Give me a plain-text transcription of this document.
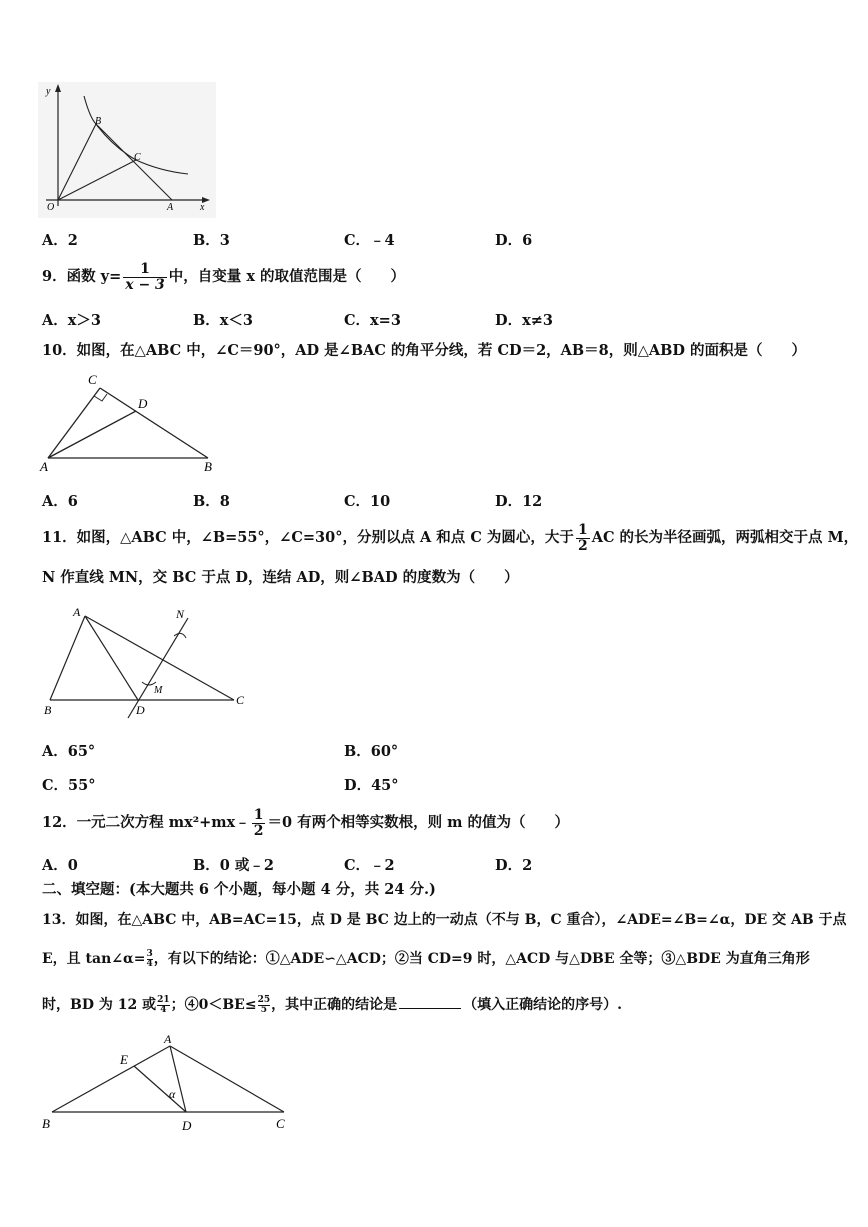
y
x
O	A
B
C
A．2	B．3	C．﹣4	D．6
9．函数 $y= \frac{1}{x - 3}$ 中，自变量 x 的取值范围是（　　）
A．x＞3	B．x＜3	C．x=3	D．x≠3
10．如图，在△ABC 中，∠C＝90°，AD 是∠BAC 的角平分线，若 CD＝2，AB＝8，则△ABD 的面积是（　　）
C
D
A	B
A．6	B．8	C．10	D．12
11．如图，△ABC 中，∠B=55°，∠C=30°，分别以点 A 和点 C 为圆心，大于 $\frac{1}{2}$ AC 的长为半径画弧，两弧相交于点 M，
N 作直线 MN，交 BC 于点 D，连结 AD，则∠BAD 的度数为（　　）
A
B
C
D
M
N
A．65°	B．60°
C．55°	D．45°
12．一元二次方程 mx²+mx﹣ $\frac{1}{2} =0$ 有两个相等实数根，则 m 的值为（　　）
A．0	B．0 或﹣2	C．﹣2	D．2
二、填空题：(本大题共 6 个小题，每小题 4 分，共 24 分.)
13．如图，在△ABC 中，AB=AC=15，点 D 是 BC 边上的一动点（不与 B，C 重合），∠ADE=∠B=∠α，DE 交 AB 于点
E，且 tan∠α= $\frac{3}{4}$ ，有以下的结论：①△ADE∽△ACD；②当 CD=9 时，△ACD 与△DBE 全等；③△BDE 为直角三角形
时，BD 为 12 或 $\frac{21}{4}$ ；④0＜BE≤ $\frac{25}{5}$ ，其中正确的结论是	（填入正确结论的序号）.
A
E
α
B	D	C
